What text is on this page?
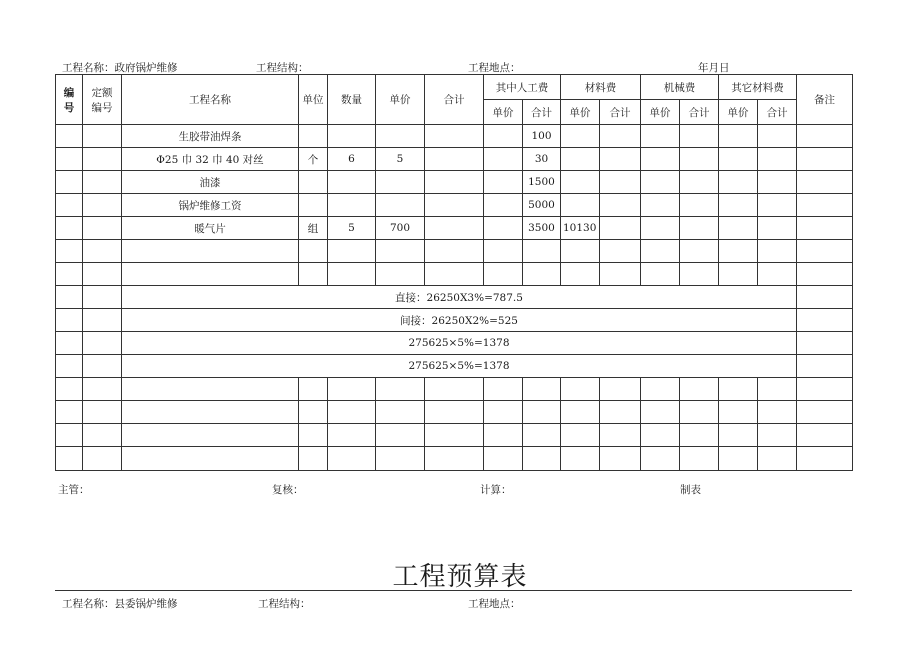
工程名称：政府锅炉维修	工程结构：	工程地点：	年月日
编
号	定额
编号	工程名称	单位	数量	单价	合计	其中人工费		材料费		机械费		其它材料费		备注
							单价	合计	单价	合计	单价	合计	单价	合计	
		生胶带油焊条						100							
		Φ25 巾 32 巾 40 对丝	个	6	5			30							
		油漆						1500							
		锅炉维修工资						5000							
		暖气片	组	5	700			3500	10130						

		直接：26250X3%=787.5													
		间接：26250X2%=525													
		275625×5%=1378													
		275625×5%=1378													

主管：	复核：	计算：	制表
工程预算表
工程名称：县委锅炉维修	工程结构：	工程地点：
